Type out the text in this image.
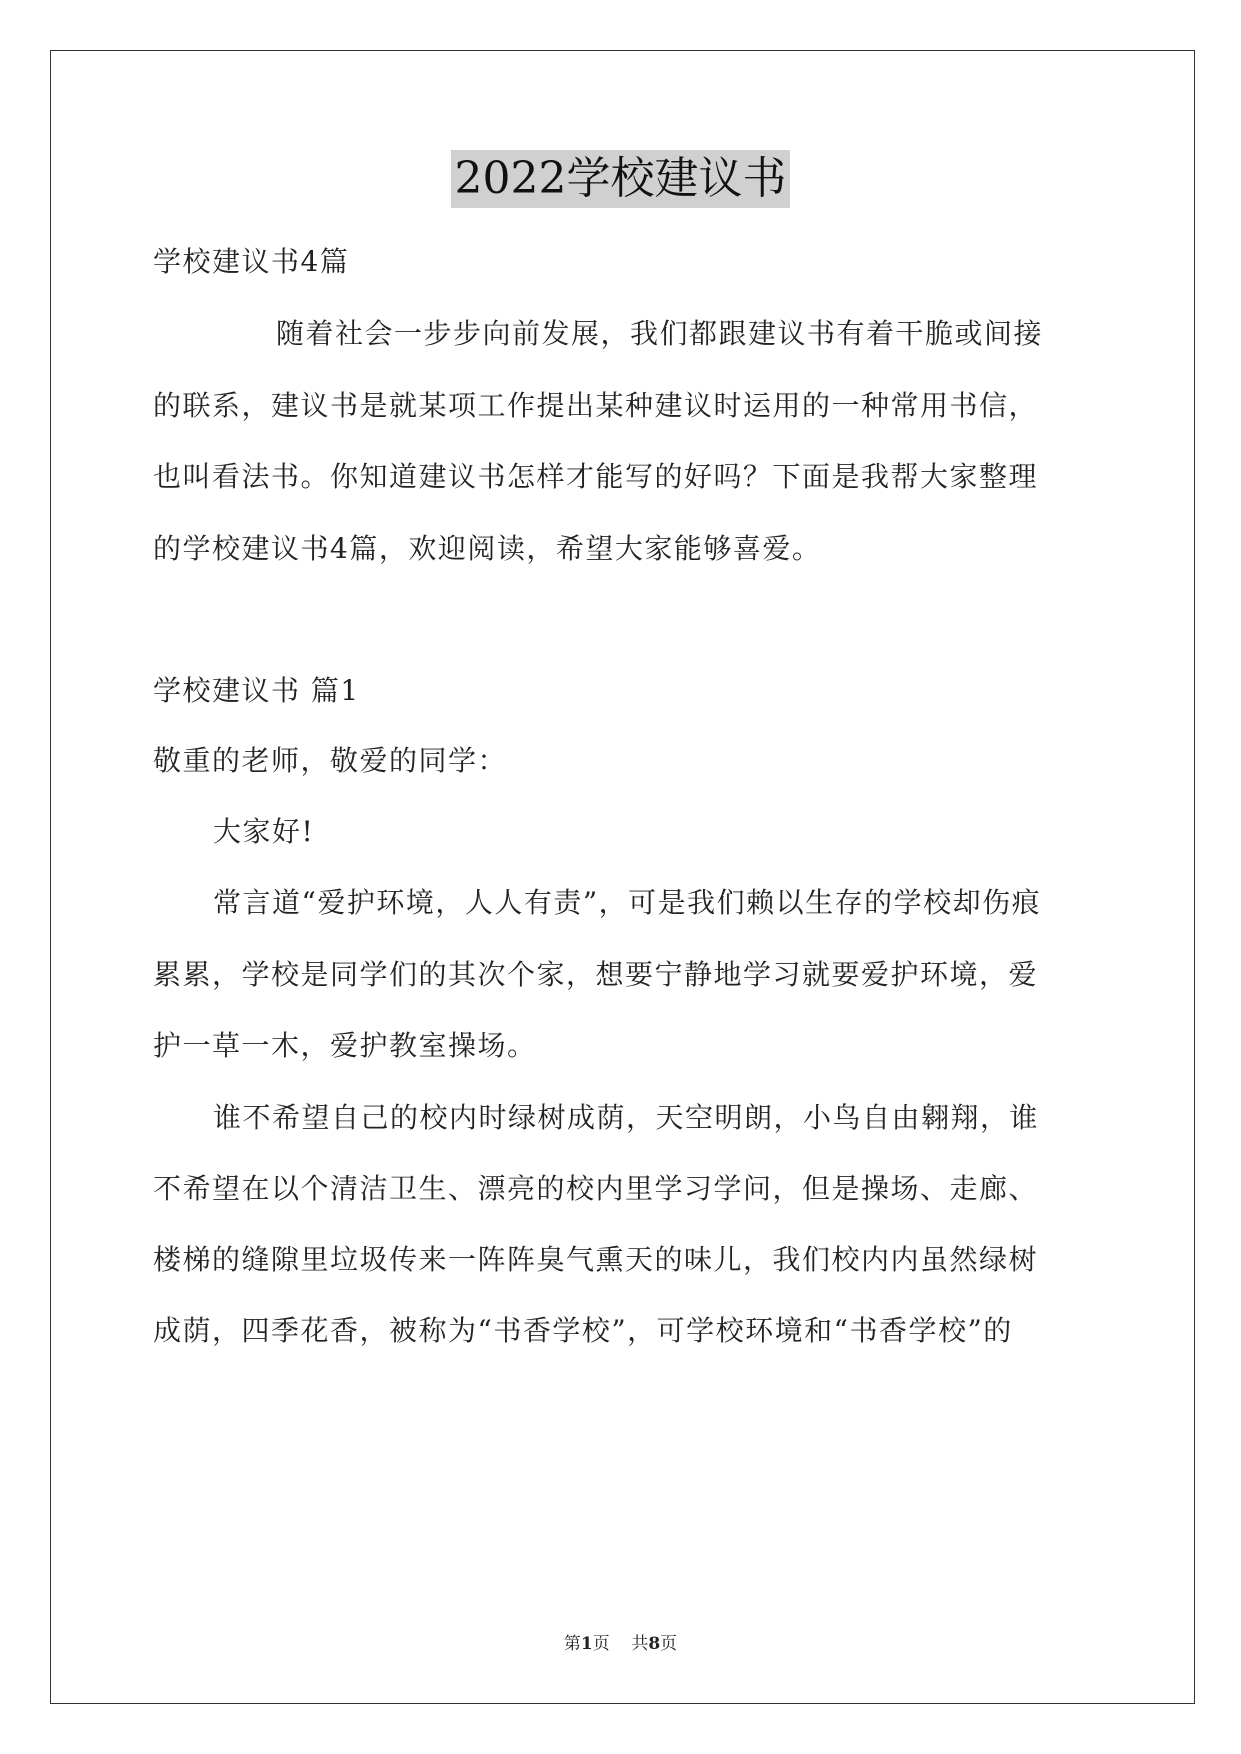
2022学校建议书
学校建议书4篇
随着社会一步步向前发展，我们都跟建议书有着干脆或间接
的联系，建议书是就某项工作提出某种建议时运用的一种常用书信，
也叫看法书。你知道建议书怎样才能写的好吗？下面是我帮大家整理
的学校建议书4篇，欢迎阅读，希望大家能够喜爱。
学校建议书 篇1
敬重的老师，敬爱的同学：
大家好!
常言道“爱护环境，人人有责”，可是我们赖以生存的学校却伤痕
累累，学校是同学们的其次个家，想要宁静地学习就要爱护环境，爱
护一草一木，爱护教室操场。
谁不希望自己的校内时绿树成荫，天空明朗，小鸟自由翱翔，谁
不希望在以个清洁卫生、漂亮的校内里学习学问，但是操场、走廊、
楼梯的缝隙里垃圾传来一阵阵臭气熏天的味儿，我们校内内虽然绿树
成荫，四季花香，被称为“书香学校”，可学校环境和“书香学校”的
第1页 共8页
